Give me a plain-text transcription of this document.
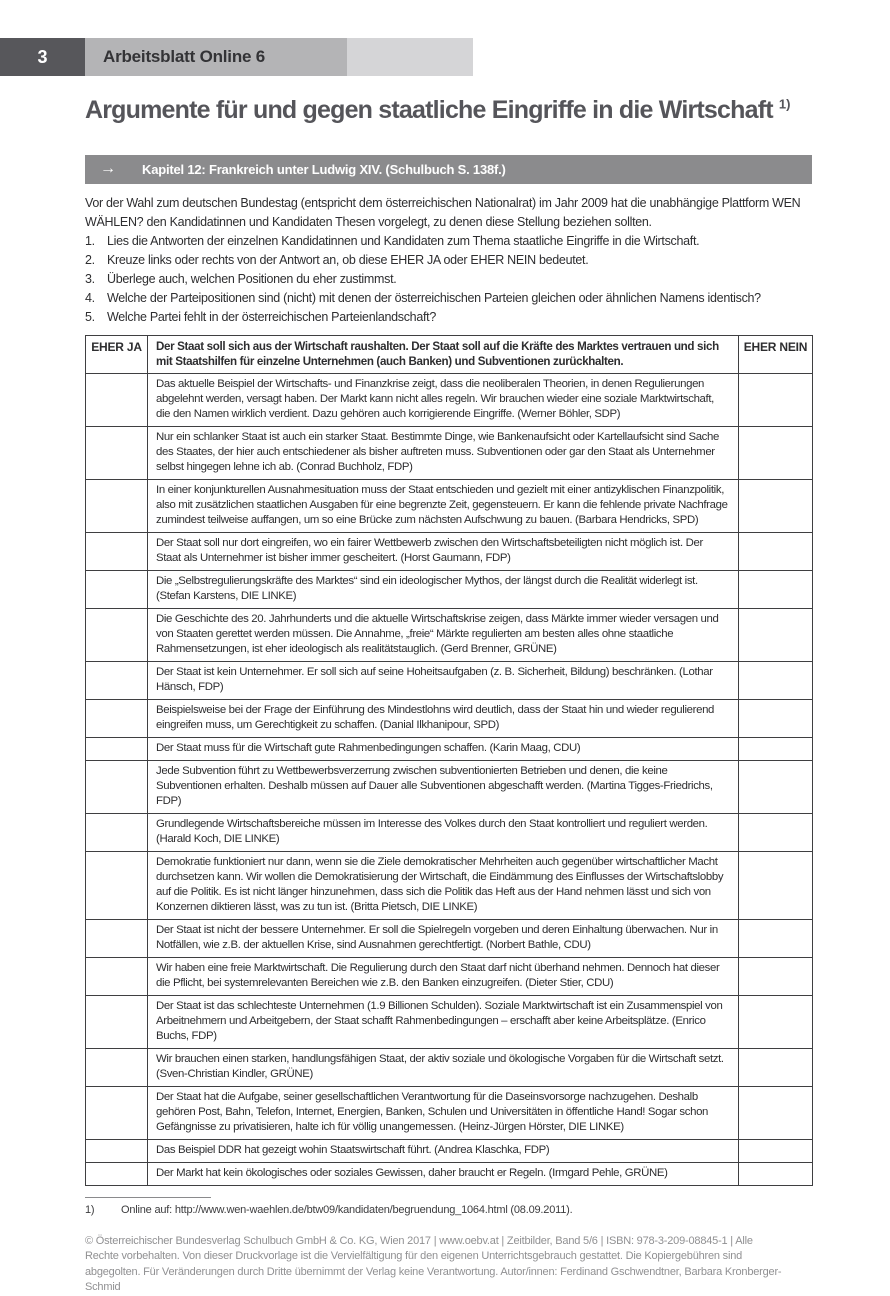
3	Arbeitsblatt Online 6
Argumente für und gegen staatliche Eingriffe in die Wirtschaft $^{1)}$
→ Kapitel 12: Frankreich unter Ludwig XIV. (Schulbuch S. 138f.)

Vor der Wahl zum deutschen Bundestag (entspricht dem österreichischen Nationalrat) im Jahr 2009 hat die unabhängige Plattform WEN WÄHLEN? den Kandidatinnen und Kandidaten Thesen vorgelegt, zu denen diese Stellung beziehen sollten.

1. Lies die Antworten der einzelnen Kandidatinnen und Kandidaten zum Thema staatliche Eingriffe in die Wirtschaft.
2. Kreuze links oder rechts von der Antwort an, ob diese EHER JA oder EHER NEIN bedeutet.
3. Überlege auch, welchen Positionen du eher zustimmst.
4. Welche der Parteipositionen sind (nicht) mit denen der österreichischen Parteien gleichen oder ähnlichen Namens identisch?
5. Welche Partei fehlt in der österreichischen Parteienlandschaft?
EHER JA	Der Staat soll sich aus der Wirtschaft raushalten. Der Staat soll auf die Kräfte des Marktes vertrauen und sich mit Staatshilfen für einzelne Unternehmen (auch Banken) und Subventionen zurückhalten.	EHER NEIN
	Das aktuelle Beispiel der Wirtschafts- und Finanzkrise zeigt, dass die neoliberalen Theorien, in denen Regulierungen abgelehnt werden, versagt haben. Der Markt kann nicht alles regeln. Wir brauchen wieder eine soziale Marktwirtschaft, die den Namen wirklich verdient. Dazu gehören auch korrigierende Eingriffe. (Werner Böhler, SDP)	
	Nur ein schlanker Staat ist auch ein starker Staat. Bestimmte Dinge, wie Bankenaufsicht oder Kartellaufsicht sind Sache des Staates, der hier auch entschiedener als bisher auftreten muss. Subventionen oder gar den Staat als Unternehmer selbst hingegen lehne ich ab. (Conrad Buchholz, FDP)	
	In einer konjunkturellen Ausnahmesituation muss der Staat entschieden und gezielt mit einer antizyklischen Finanzpolitik, also mit zusätzlichen staatlichen Ausgaben für eine begrenzte Zeit, gegensteuern. Er kann die fehlende private Nachfrage zumindest teilweise auffangen, um so eine Brücke zum nächsten Aufschwung zu bauen. (Barbara Hendricks, SPD)	
	Der Staat soll nur dort eingreifen, wo ein fairer Wettbewerb zwischen den Wirtschaftsbeteiligten nicht möglich ist. Der Staat als Unternehmer ist bisher immer gescheitert. (Horst Gaumann, FDP)	
	Die „Selbstregulierungskräfte des Marktes“ sind ein ideologischer Mythos, der längst durch die Realität widerlegt ist. (Stefan Karstens, DIE LINKE)	
	Die Geschichte des 20. Jahrhunderts und die aktuelle Wirtschaftskrise zeigen, dass Märkte immer wieder versagen und von Staaten gerettet werden müssen. Die Annahme, „freie“ Märkte regulierten am besten alles ohne staatliche Rahmensetzungen, ist eher ideologisch als realitätstauglich. (Gerd Brenner, GRÜNE)	
	Der Staat ist kein Unternehmer. Er soll sich auf seine Hoheitsaufgaben (z. B. Sicherheit, Bildung) beschränken. (Lothar Hänsch, FDP)	
	Beispielsweise bei der Frage der Einführung des Mindestlohns wird deutlich, dass der Staat hin und wieder regulierend eingreifen muss, um Gerechtigkeit zu schaffen. (Danial Ilkhanipour, SPD)	
	Der Staat muss für die Wirtschaft gute Rahmenbedingungen schaffen. (Karin Maag, CDU)	
	Jede Subvention führt zu Wettbewerbsverzerrung zwischen subventionierten Betrieben und denen, die keine Subventionen erhalten. Deshalb müssen auf Dauer alle Subventionen abgeschafft werden. (Martina Tigges-Friedrichs, FDP)	
	Grundlegende Wirtschaftsbereiche müssen im Interesse des Volkes durch den Staat kontrolliert und reguliert werden. (Harald Koch, DIE LINKE)	
	Demokratie funktioniert nur dann, wenn sie die Ziele demokratischer Mehrheiten auch gegenüber wirtschaftlicher Macht durchsetzen kann. Wir wollen die Demokratisierung der Wirtschaft, die Eindämmung des Einflusses der Wirtschaftslobby auf die Politik. Es ist nicht länger hinzunehmen, dass sich die Politik das Heft aus der Hand nehmen lässt und sich von Konzernen diktieren lässt, was zu tun ist. (Britta Pietsch, DIE LINKE)	
	Der Staat ist nicht der bessere Unternehmer. Er soll die Spielregeln vorgeben und deren Einhaltung überwachen. Nur in Notfällen, wie z.B. der aktuellen Krise, sind Ausnahmen gerechtfertigt. (Norbert Bathle, CDU)	
	Wir haben eine freie Marktwirtschaft. Die Regulierung durch den Staat darf nicht überhand nehmen. Dennoch hat dieser die Pflicht, bei systemrelevanten Bereichen wie z.B. den Banken einzugreifen. (Dieter Stier, CDU)	
	Der Staat ist das schlechteste Unternehmen (1.9 Billionen Schulden). Soziale Marktwirtschaft ist ein Zusammenspiel von Arbeitnehmern und Arbeitgebern, der Staat schafft Rahmenbedingungen – erschafft aber keine Arbeitsplätze. (Enrico Buchs, FDP)	
	Wir brauchen einen starken, handlungsfähigen Staat, der aktiv soziale und ökologische Vorgaben für die Wirtschaft setzt. (Sven-Christian Kindler, GRÜNE)	
	Der Staat hat die Aufgabe, seiner gesellschaftlichen Verantwortung für die Daseinsvorsorge nachzugehen. Deshalb gehören Post, Bahn, Telefon, Internet, Energien, Banken, Schulen und Universitäten in öffentliche Hand! Sogar schon Gefängnisse zu privatisieren, halte ich für völlig unangemessen. (Heinz-Jürgen Hörster, DIE LINKE)	
	Das Beispiel DDR hat gezeigt wohin Staatswirtschaft führt. (Andrea Klaschka, FDP)	
	Der Markt hat kein ökologisches oder soziales Gewissen, daher braucht er Regeln. (Irmgard Pehle, GRÜNE)	
1)	Online auf: http://www.wen-waehlen.de/btw09/kandidaten/begruendung_1064.html (08.09.2011).
© Österreichischer Bundesverlag Schulbuch GmbH & Co. KG, Wien 2017 | www.oebv.at | Zeitbilder, Band 5/6 | ISBN: 978-3-209-08845-1 | Alle Rechte vorbehalten. Von dieser Druckvorlage ist die Vervielfältigung für den eigenen Unterrichtsgebrauch gestattet. Die Kopiergebühren sind abgegolten. Für Veränderungen durch Dritte übernimmt der Verlag keine Verantwortung. Autor/innen: Ferdinand Gschwendtner, Barbara Kronberger-Schmid
